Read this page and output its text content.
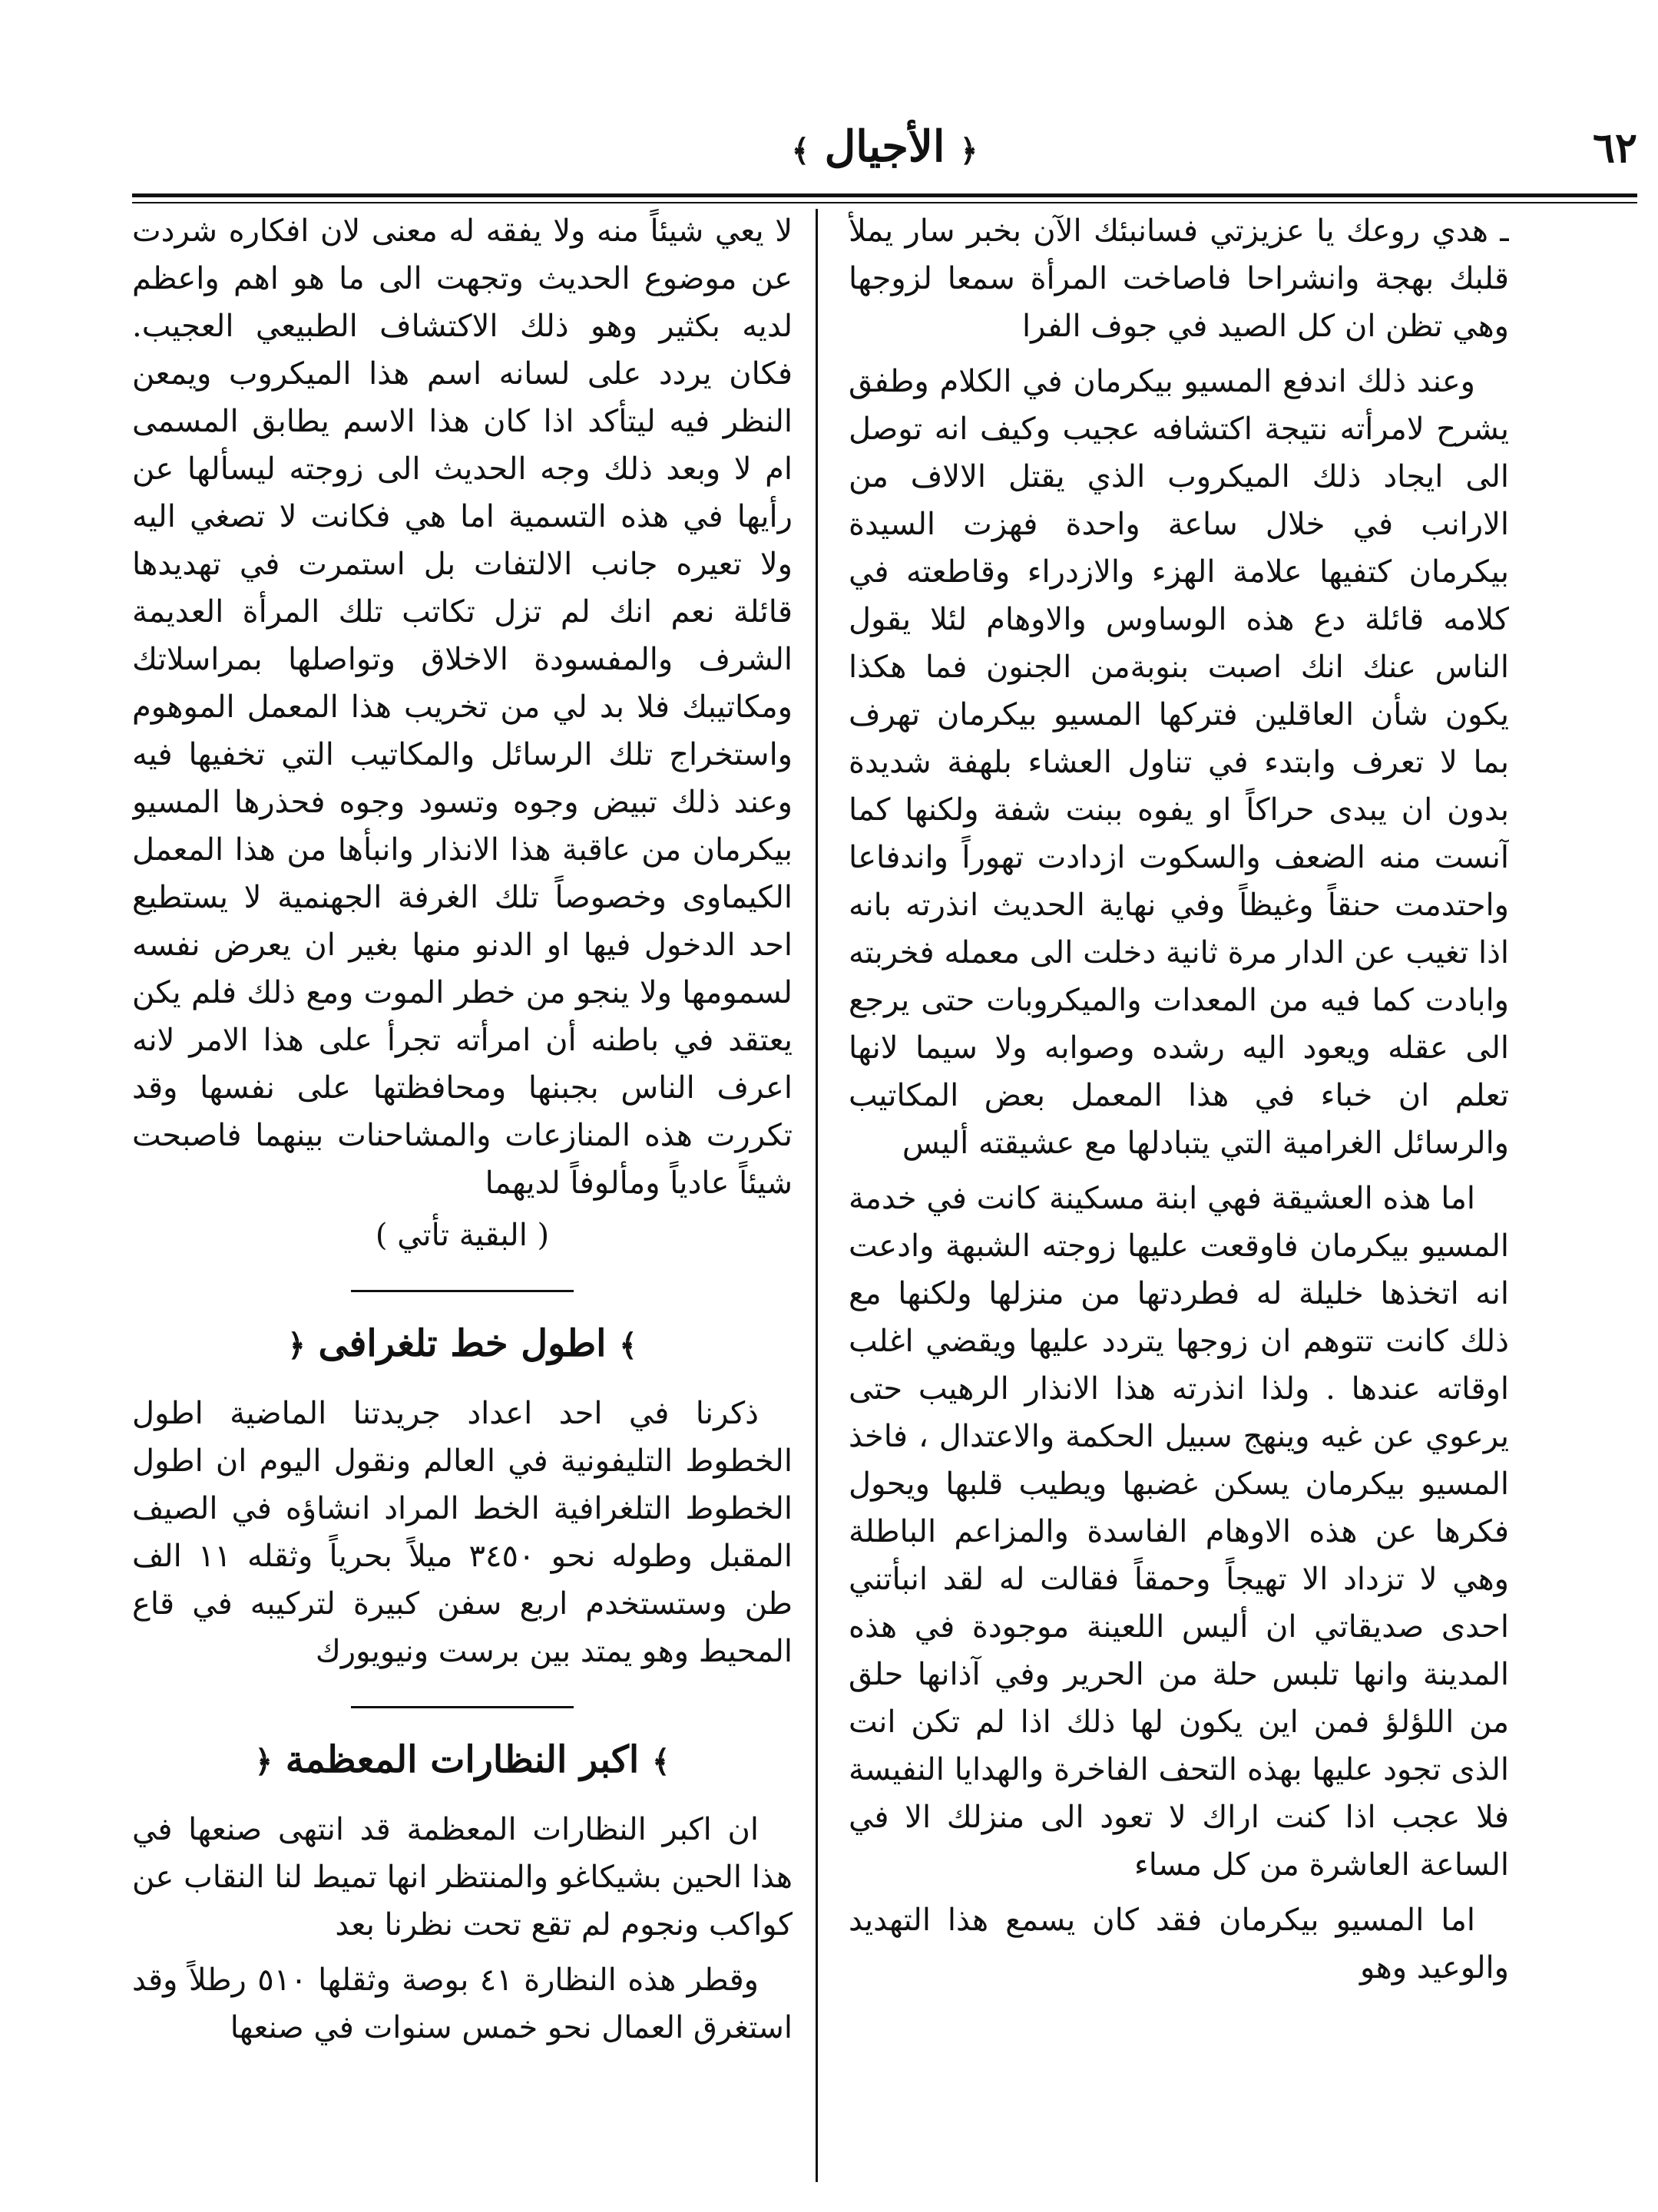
٦٢
﴿ الأجيال ﴾

ـ هدي روعك يا عزيزتي فسانبئك الآن بخبر سار يملأ قلبك بهجة وانشراحا فاصاخت المرأة سمعا لزوجها وهي تظن ان كل الصيد في جوف الفرا

وعند ذلك اندفع المسيو بيكرمان في الكلام وطفق يشرح لامرأته نتيجة اكتشافه عجيب وكيف انه توصل الى ايجاد ذلك الميكروب الذي يقتل الالاف من الارانب في خلال ساعة واحدة فهزت السيدة بيكرمان كتفيها علامة الهزء والازدراء وقاطعته في كلامه قائلة دع هذه الوساوس والاوهام لئلا يقول الناس عنك انك اصبت بنوبةمن الجنون فما هكذا يكون شأن العاقلين فتركها المسيو بيكرمان تهرف بما لا تعرف وابتدء في تناول العشاء بلهفة شديدة بدون ان يبدى حراكاً او يفوه ببنت شفة ولكنها كما آنست منه الضعف والسكوت ازدادت تهوراً واندفاعا واحتدمت حنقاً وغيظاً وفي نهاية الحديث انذرته بانه اذا تغيب عن الدار مرة ثانية دخلت الى معمله فخربته وابادت كما فيه من المعدات والميكروبات حتى يرجع الى عقله ويعود اليه رشده وصوابه ولا سيما لانها تعلم ان خباء في هذا المعمل بعض المكاتيب والرسائل الغرامية التي يتبادلها مع عشيقته أليس

اما هذه العشيقة فهي ابنة مسكينة كانت في خدمة المسيو بيكرمان فاوقعت عليها زوجته الشبهة وادعت انه اتخذها خليلة له فطردتها من منزلها ولكنها مع ذلك كانت تتوهم ان زوجها يتردد عليها ويقضي اغلب اوقاته عندها . ولذا انذرته هذا الانذار الرهيب حتى يرعوي عن غيه وينهج سبيل الحكمة والاعتدال ، فاخذ المسيو بيكرمان يسكن غضبها ويطيب قلبها ويحول فكرها عن هذه الاوهام الفاسدة والمزاعم الباطلة وهي لا تزداد الا تهيجاً وحمقاً فقالت له لقد انبأتني احدى صديقاتي ان أليس اللعينة موجودة في هذه المدينة وانها تلبس حلة من الحرير وفي آذانها حلق من اللؤلؤ فمن اين يكون لها ذلك اذا لم تكن انت الذى تجود عليها بهذه التحف الفاخرة والهدايا النفيسة فلا عجب اذا كنت اراك لا تعود الى منزلك الا في الساعة العاشرة من كل مساء

اما المسيو بيكرمان فقد كان يسمع هذا التهديد والوعيد وهو

لا يعي شيئاً منه ولا يفقه له معنى لان افكاره شردت عن موضوع الحديث وتجهت الى ما هو اهم واعظم لديه بكثير وهو ذلك الاكتشاف الطبيعي العجيب. فكان يردد على لسانه اسم هذا الميكروب ويمعن النظر فيه ليتأكد اذا كان هذا الاسم يطابق المسمى ام لا وبعد ذلك وجه الحديث الى زوجته ليسألها عن رأيها في هذه التسمية اما هي فكانت لا تصغي اليه ولا تعيره جانب الالتفات بل استمرت في تهديدها قائلة نعم انك لم تزل تكاتب تلك المرأة العديمة الشرف والمفسودة الاخلاق وتواصلها بمراسلاتك ومكاتيبك فلا بد لي من تخريب هذا المعمل الموهوم واستخراج تلك الرسائل والمكاتيب التي تخفيها فيه وعند ذلك تبيض وجوه وتسود وجوه فحذرها المسيو بيكرمان من عاقبة هذا الانذار وانبأها من هذا المعمل الكيماوى وخصوصاً تلك الغرفة الجهنمية لا يستطيع احد الدخول فيها او الدنو منها بغير ان يعرض نفسه لسمومها ولا ينجو من خطر الموت ومع ذلك فلم يكن يعتقد في باطنه أن امرأته تجرأ على هذا الامر لانه اعرف الناس بجبنها ومحافظتها على نفسها وقد تكررت هذه المنازعات والمشاحنات بينهما فاصبحت شيئاً عادياً ومألوفاً لديهما

( البقية تأتي )
﴾ اطول خط تلغرافى ﴿

ذكرنا في احد اعداد جريدتنا الماضية اطول الخطوط التليفونية في العالم ونقول اليوم ان اطول الخطوط التلغرافية الخط المراد انشاؤه في الصيف المقبل وطوله نحو ٣٤٥٠ ميلاً بحرياً وثقله ١١ الف طن وستستخدم اربع سفن كبيرة لتركيبه في قاع المحيط وهو يمتد بين برست ونيويورك

﴾ اكبر النظارات المعظمة ﴿

ان اكبر النظارات المعظمة قد انتهى صنعها في هذا الحين بشيكاغو والمنتظر انها تميط لنا النقاب عن كواكب ونجوم لم تقع تحت نظرنا بعد

وقطر هذه النظارة ٤١ بوصة وثقلها ٥١٠ رطلاً وقد استغرق العمال نحو خمس سنوات في صنعها
